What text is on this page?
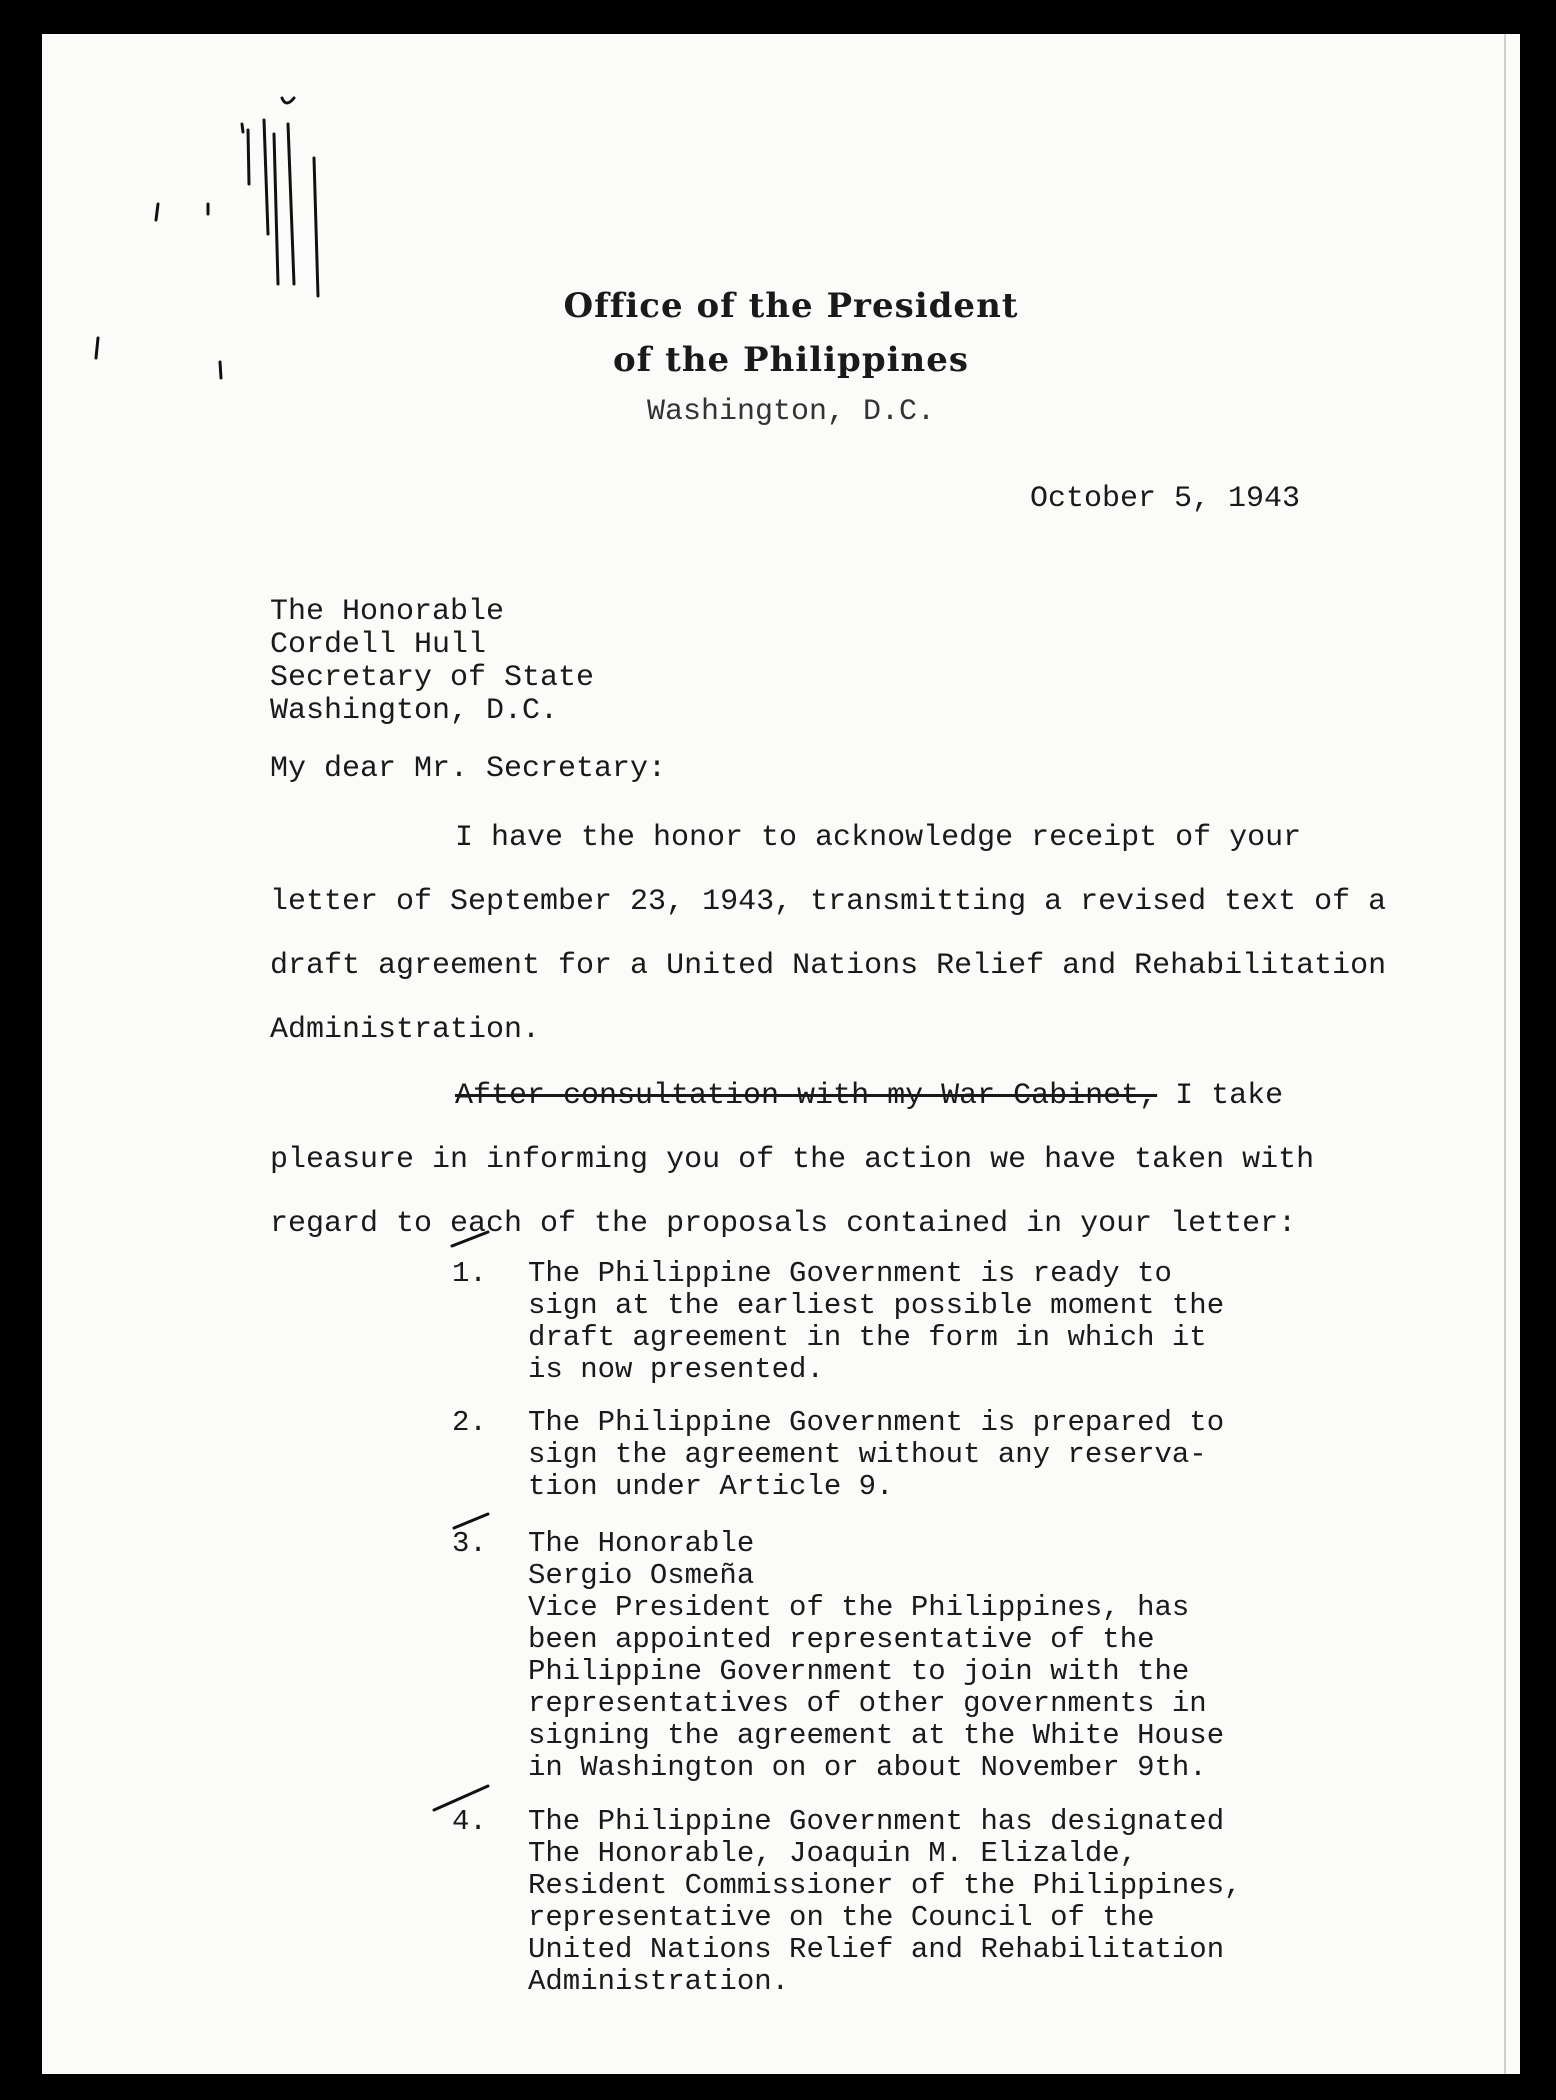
Office of the President
of the Philippines
Washington, D.C.
October 5, 1943
The Honorable
Cordell Hull
Secretary of State
Washington, D.C.
My dear Mr. Secretary:
I have the honor to acknowledge receipt of your letter of September 23, 1943, transmitting a revised text of a draft agreement for a United Nations Relief and Rehabilitation Administration.
After consultation with my War Cabinet, I take pleasure in informing you of the action we have taken with regard to each of the proposals contained in your letter:
1.	The Philippine Government is ready to
sign at the earliest possible moment the
draft agreement in the form in which it
is now presented.
2.	The Philippine Government is prepared to
sign the agreement without any reserva-
tion under Article 9.
3.	The Honorable
Sergio Osmeña
Vice President of the Philippines, has
been appointed representative of the
Philippine Government to join with the
representatives of other governments in
signing the agreement at the White House
in Washington on or about November 9th.
4.	The Philippine Government has designated
The Honorable, Joaquin M. Elizalde,
Resident Commissioner of the Philippines,
representative on the Council of the
United Nations Relief and Rehabilitation
Administration.
